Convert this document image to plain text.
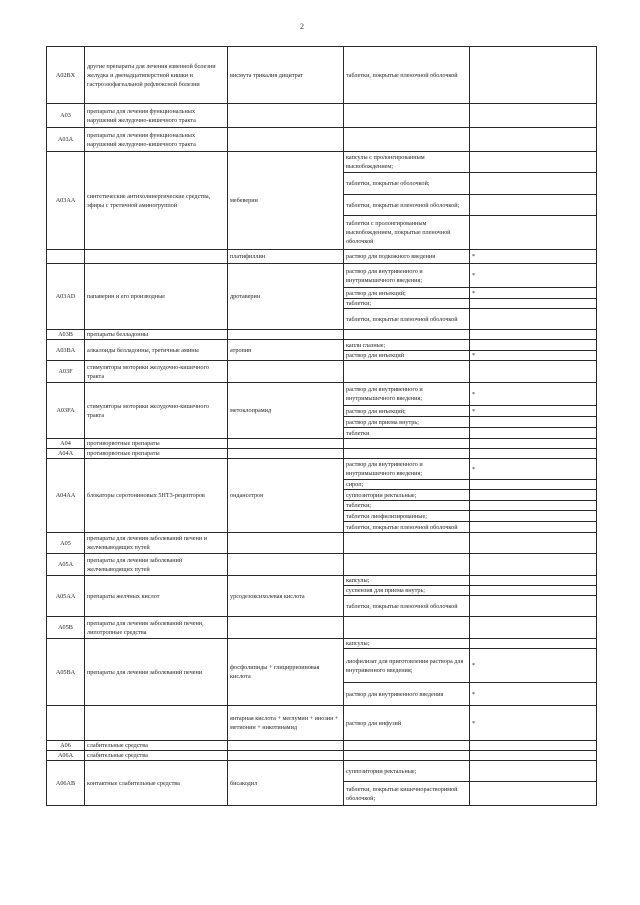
2
A02BX	другие препараты для лечения язвенной болезни желудка и двенадцатиперстной кишки и гастроэзофагеальной рефлюксной болезни	висмута трикалия дицитрат	таблетки, покрытые пленочной оболочкой	
A03	препараты для лечения функциональных нарушений желудочно-кишечного тракта			
A03A	препараты для лечения функциональных нарушений желудочно-кишечного тракта			
A03AA	синтетические антихолинергические средства, эфиры с третичной аминогруппой	мебеверин	капсулы с пролонгированным высвобождением;	
			таблетки, покрытые оболочкой;	
			таблетки, покрытые пленочной оболочкой;	
			таблетки с пролонгированным высвобождением, покрытые пленочной оболочкой	
		платифиллин	раствор для подкожного введения	*
A03AD	папаверин и его производные	дротаверин	раствор для внутривенного и внутримышечного введения;	*
			раствор для инъекций;	*
			таблетки;	
			таблетки, покрытые пленочной оболочкой	
A03B	препараты белладонны			
A03BA	алкалоиды белладонны, третичные амины	атропин	капли глазные;	
			раствор для инъекций	*
A03F	стимуляторы моторики желудочно-кишечного тракта			
A03FA	стимуляторы моторики желудочно-кишечного тракта	метоклопрамид	раствор для внутривенного и внутримышечного введения;	*
			раствор для инъекций;	*
			раствор для приема внутрь;	
			таблетки	
A04	противорвотные препараты			
A04A	противорвотные препараты			
A04AA	блокаторы серотониновых 5HT3-рецепторов	ондансетрон	раствор для внутривенного и внутримышечного введения;	*
			сироп;	
			суппозитории ректальные;	
			таблетки;	
			таблетки лиофилизированные;	
			таблетки, покрытые пленочной оболочкой	
A05	препараты для лечения заболеваний печени и желчевыводящих путей			
A05A	препараты для лечения заболеваний желчевыводящих путей			
A05AA	препараты желчных кислот	урсодезоксихолевая кислота	капсулы;	
			суспензия для приема внутрь;	
			таблетки, покрытые пленочной оболочкой	
A05B	препараты для лечения заболеваний печени, липотропные средства			
A05BA	препараты для лечения заболеваний печени	фосфолипиды + глицирризиновая кислота	капсулы;	
			лиофилизат для приготовления раствора для внутривенного введения;	*
			раствор для внутривенного введения	*
		янтарная кислота + меглумин + инозин + метионин + никотинамид	раствор для инфузий	*
A06	слабительные средства			
A06A	слабительные средства			
A06AB	контактные слабительные средства	бисакодил	суппозитории ректальные;	
			таблетки, покрытые кишечнорастворимой оболочкой;	
